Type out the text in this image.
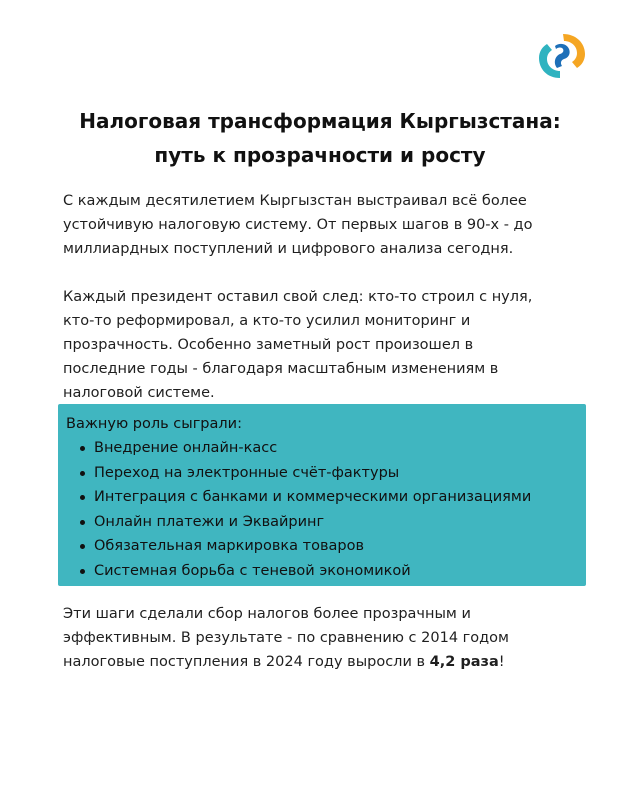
Налоговая трансформация Кыргызстана:
путь к прозрачности и росту
С каждым десятилетием Кыргызстан выстраивал всё более
устойчивую налоговую систему. От первых шагов в 90-х - до
миллиардных поступлений и цифрового анализа сегодня.
Каждый президент оставил свой след: кто-то строил с нуля,
кто-то реформировал, а кто-то усилил мониторинг и
прозрачность. Особенно заметный рост произошел в
последние годы - благодаря масштабным изменениям в
налоговой системе.
Важную роль сыграли:
Внедрение онлайн-касс
Переход на электронные счёт-фактуры
Интеграция с банками и коммерческими организациями
Онлайн платежи и Эквайринг
Обязательная маркировка товаров
Системная борьба с теневой экономикой
Эти шаги сделали сбор налогов более прозрачным и
эффективным. В результате - по сравнению с 2014 годом
налоговые поступления в 2024 году выросли в 4,2 раза!
